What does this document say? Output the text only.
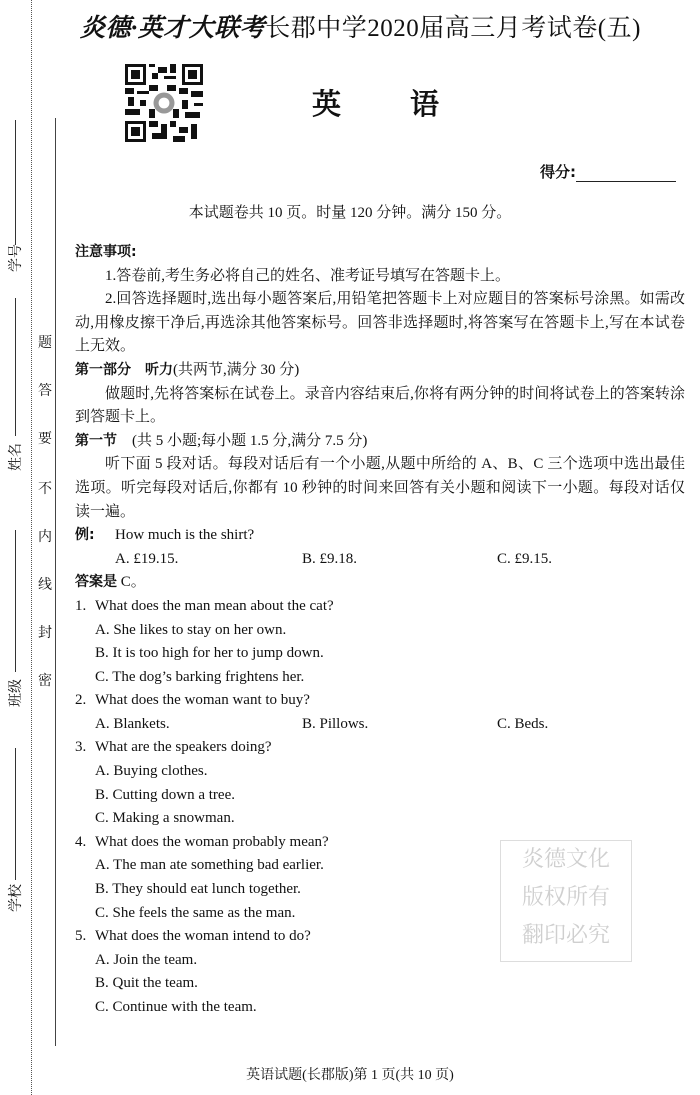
学号
姓名
班级
学校
密
封
线
内
不
要
答
题
炎德·英才大联考长郡中学2020届高三月考试卷(五)
英 语
得分:
本试题卷共 10 页。时量 120 分钟。满分 150 分。
炎德文化
版权所有
翻印必究

注意事项:

1.答卷前,考生务必将自己的姓名、准考证号填写在答题卡上。

2.回答选择题时,选出每小题答案后,用铅笔把答题卡上对应题目的答案标号涂黑。如需改动,用橡皮擦干净后,再选涂其他答案标号。回答非选择题时,将答案写在答题卡上,写在本试卷上无效。

第一部分　听力(共两节,满分 30 分)

做题时,先将答案标在试卷上。录音内容结束后,你将有两分钟的时间将试卷上的答案转涂到答题卡上。

第一节  (共 5 小题;每小题 1.5 分,满分 7.5 分)

听下面 5 段对话。每段对话后有一个小题,从题中所给的 A、B、C 三个选项中选出最佳选项。听完每段对话后,你都有 10 秒钟的时间来回答有关小题和阅读下一小题。每段对话仅读一遍。

例: How much is the shirt?
A. £19.15.	B. £9.18.	C. £9.15.
答案是 C。
1. What does the man mean about the cat?
A. She likes to stay on her own.
B. It is too high for her to jump down.
C. The dog’s barking frightens her.
2. What does the woman want to buy?
A. Blankets.	B. Pillows.	C. Beds.
3. What are the speakers doing?
A. Buying clothes.
B. Cutting down a tree.
C. Making a snowman.
4. What does the woman probably mean?
A. The man ate something bad earlier.
B. They should eat lunch together.
C. She feels the same as the man.
5. What does the woman intend to do?
A. Join the team.
B. Quit the team.
C. Continue with the team.
英语试题(长郡版)第 1 页(共 10 页)
